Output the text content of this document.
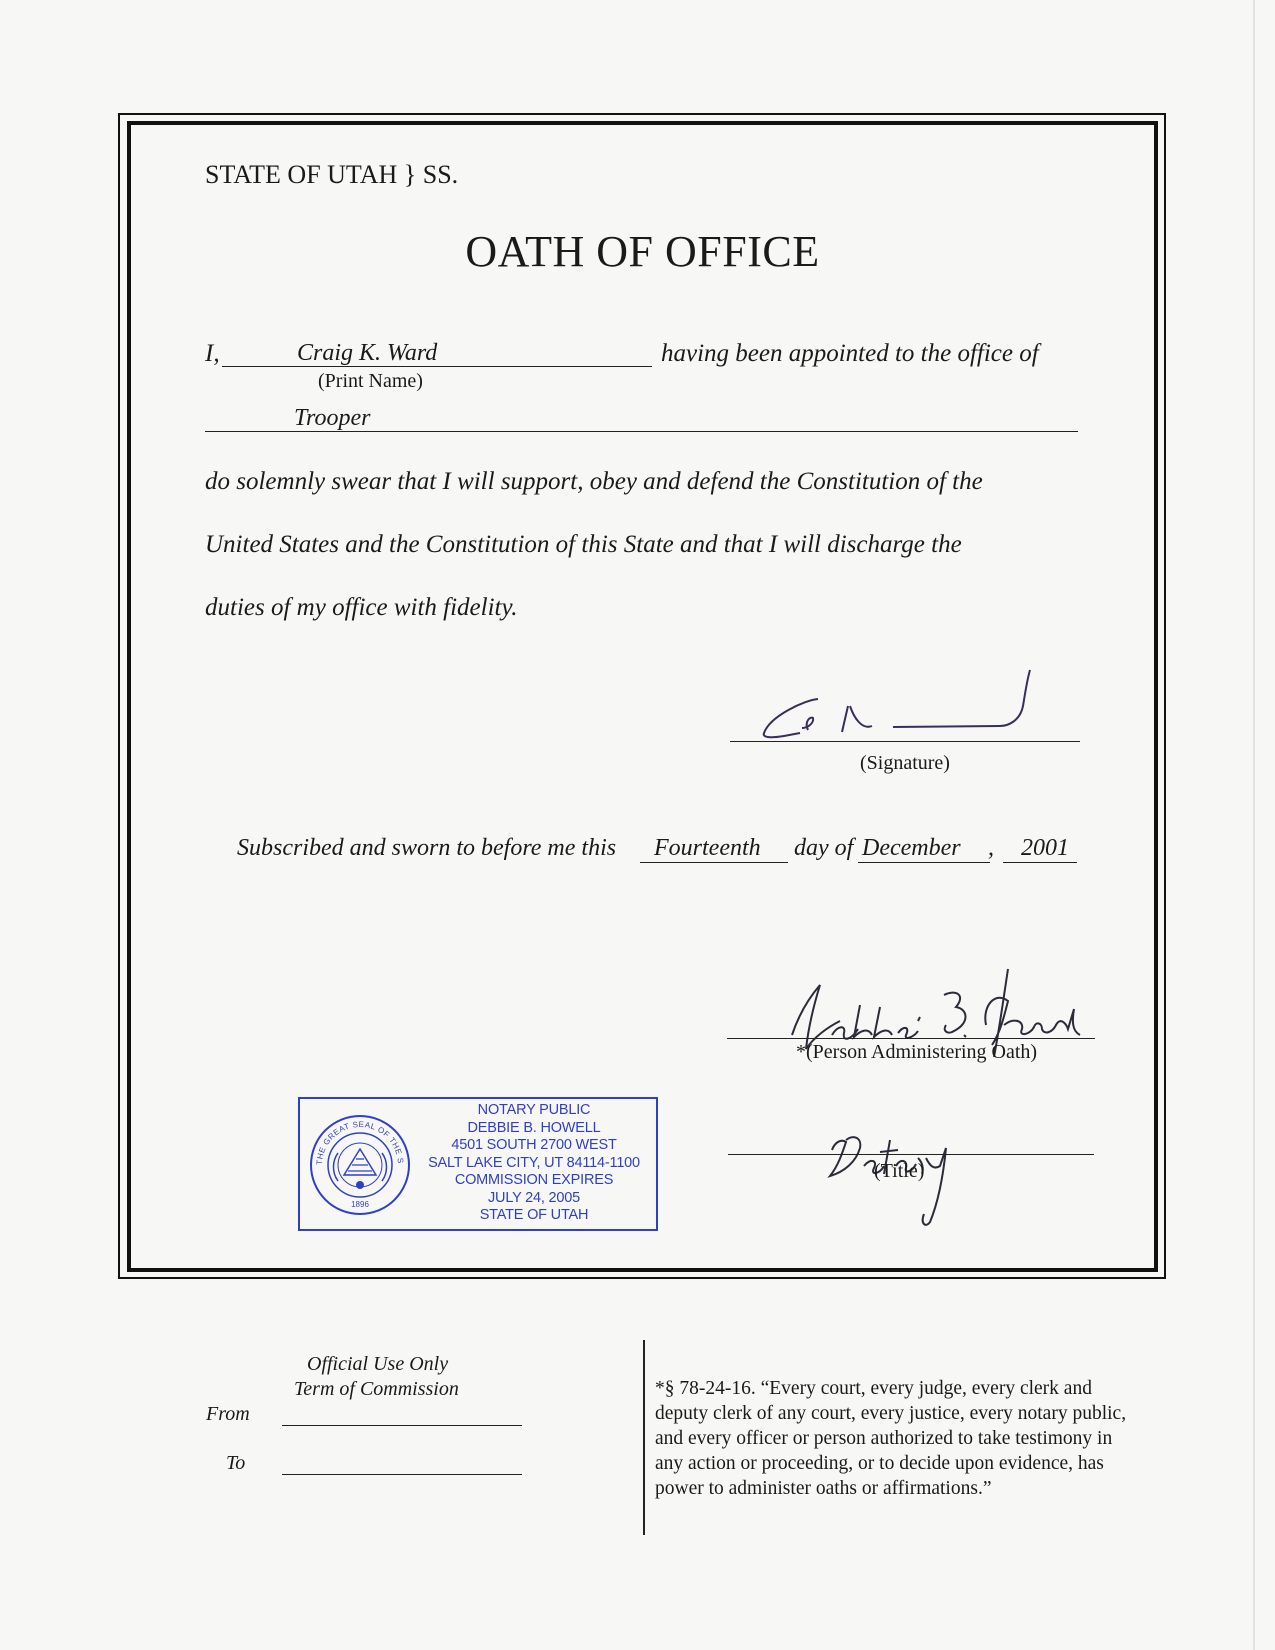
STATE OF UTAH } SS.
OATH OF OFFICE
I,	Craig K. Ward
(Print Name)
having been appointed to the office of
Trooper
do solemnly swear that I will support, obey and defend the Constitution of the
United States and the Constitution of this State and that I will discharge the
duties of my office with fidelity.
(Signature)
Subscribed and sworn to before me this Fourteenth day of December , 2001
*(Person Administering Oath)
(Title)
THE GREAT SEAL OF THE S
1896
NOTARY PUBLIC
DEBBIE B. HOWELL
4501 SOUTH 2700 WEST
SALT LAKE CITY, UT 84114-1100
COMMISSION EXPIRES
JULY 24, 2005
STATE OF UTAH
Official Use Only
Term of Commission
From
To
*§ 78-24-16. “Every court, every judge, every clerk and deputy clerk of any court, every justice, every notary public, and every officer or person authorized to take testimony in any action or proceeding, or to decide upon evidence, has power to administer oaths or affirmations.”
